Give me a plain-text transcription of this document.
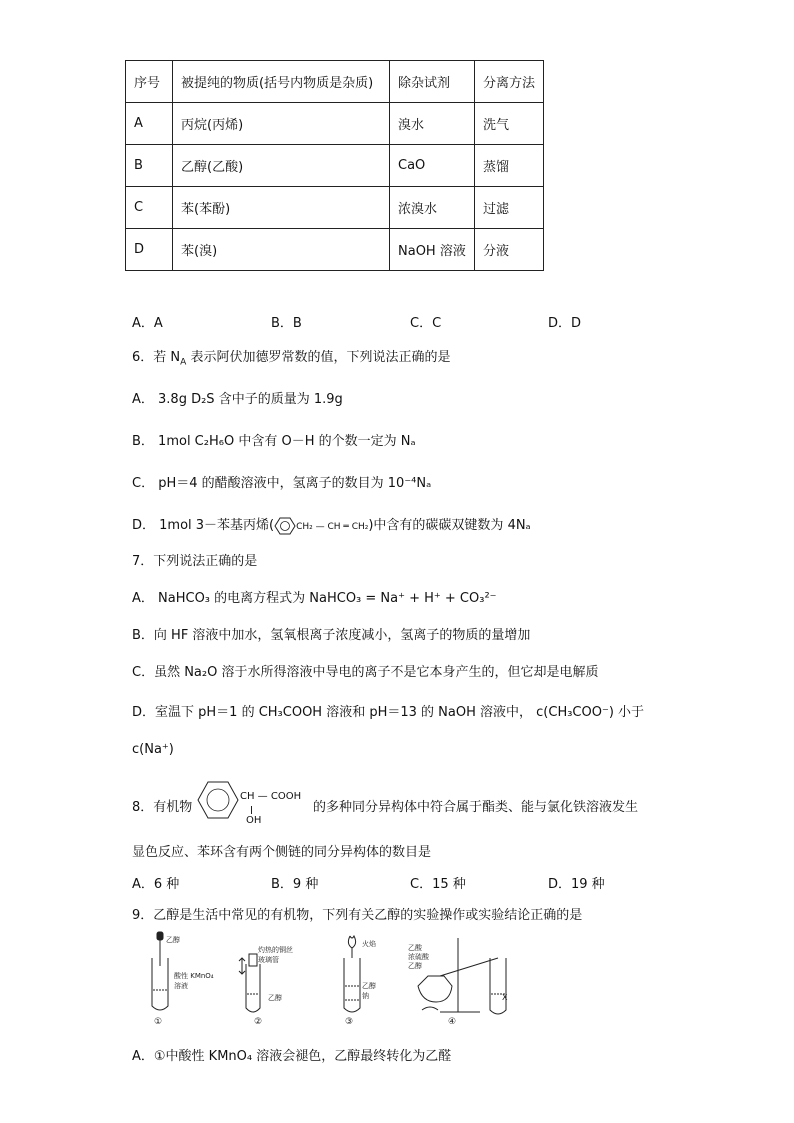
序号	被提纯的物质(括号内物质是杂质)	除杂试剂	分离方法
A	丙烷(丙烯)	溴水	洗气
B	乙醇(乙酸)	CaO	蒸馏
C	苯(苯酚)	浓溴水	过滤
D	苯(溴)	NaOH 溶液	分液
A．A	B．B	C．C	D．D
6．若 $N_A$ 表示阿伏加德罗常数的值，下列说法正确的是
A． 3.8g D₂S 含中子的质量为 1.9g
B． 1mol C₂H₆O 中含有 O－H 的个数一定为 Nₐ
C． pH＝4 的醋酸溶液中，氢离子的数目为 10⁻⁴Nₐ
D． 1mol 3－苯基丙烯( CH₂ — CH ═ CH₂)中含有的碳碳双键数为 4Nₐ
7．下列说法正确的是
A． NaHCO₃ 的电离方程式为 NaHCO₃ = Na⁺ + H⁺ + CO₃²⁻
B．向 HF 溶液中加水，氢氧根离子浓度减小，氢离子的物质的量增加
C．虽然 Na₂O 溶于水所得溶液中导电的离子不是它本身产生的，但它却是电解质
D．室温下 pH＝1 的 CH₃COOH 溶液和 pH＝13 的 NaOH 溶液中， c(CH₃COO⁻) 小于
c(Na⁺)
8．有机物
CH — COOH
OH
的多种同分异构体中符合属于酯类、能与氯化铁溶液发生
显色反应、苯环含有两个侧链的同分异构体的数目是
A．6 种	B．9 种	C．15 种	D．19 种
9．乙醇是生活中常见的有机物，下列有关乙醇的实验操作或实验结论正确的是
乙醇
酸性 KMnO₄
溶液
灼热的铜丝
玻璃管
乙醇
火焰
乙醇
钠
乙酸
浓硫酸
乙醇
X
①	②	③	④
A．①中酸性 KMnO₄ 溶液会褪色，乙醇最终转化为乙醛
